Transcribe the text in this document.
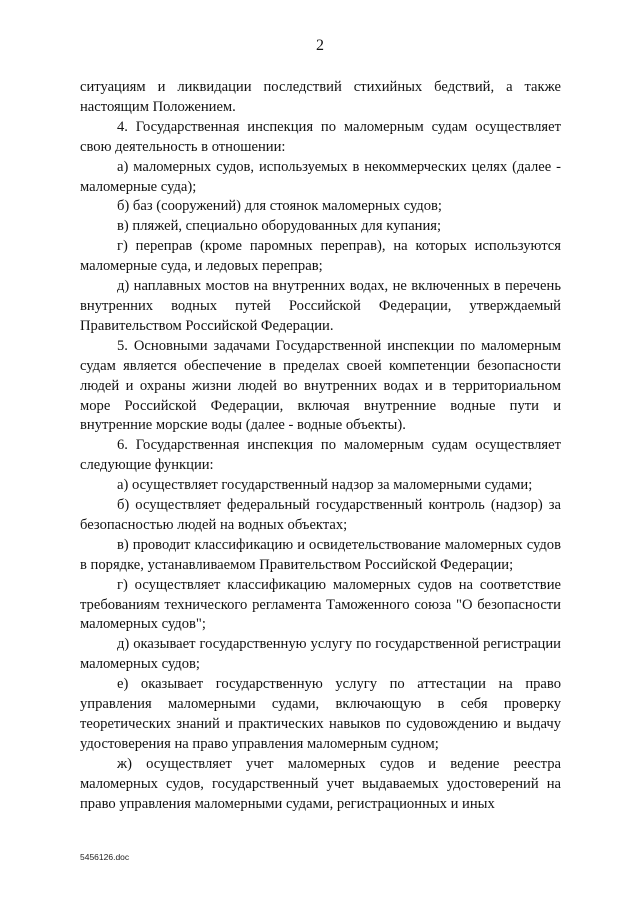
2

ситуациям и ликвидации последствий стихийных бедствий, а также настоящим Положением.

4. Государственная инспекция по маломерным судам осуществляет свою деятельность в отношении:

а) маломерных судов, используемых в некоммерческих целях (далее - маломерные суда);

б) баз (сооружений) для стоянок маломерных судов;

в) пляжей, специально оборудованных для купания;

г) переправ (кроме паромных переправ), на которых используются маломерные суда, и ледовых переправ;

д) наплавных мостов на внутренних водах, не включенных в перечень внутренних водных путей Российской Федерации, утверждаемый Правительством Российской Федерации.

5. Основными задачами Государственной инспекции по маломерным судам является обеспечение в пределах своей компетенции безопасности людей и охраны жизни людей во внутренних водах и в территориальном море Российской Федерации, включая внутренние водные пути и внутренние морские воды (далее - водные объекты).

6. Государственная инспекция по маломерным судам осуществляет следующие функции:

а) осуществляет государственный надзор за маломерными судами;

б) осуществляет федеральный государственный контроль (надзор) за безопасностью людей на водных объектах;

в) проводит классификацию и освидетельствование маломерных судов в порядке, устанавливаемом Правительством Российской Федерации;

г) осуществляет классификацию маломерных судов на соответствие требованиям технического регламента Таможенного союза "О безопасности маломерных судов";

д) оказывает государственную услугу по государственной регистрации маломерных судов;

е) оказывает государственную услугу по аттестации на право управления маломерными судами, включающую в себя проверку теоретических знаний и практических навыков по судовождению и выдачу удостоверения на право управления маломерным судном;

ж) осуществляет учет маломерных судов и ведение реестра маломерных судов, государственный учет выдаваемых удостоверений на право управления маломерными судами, регистрационных и иных

5456126.doc
